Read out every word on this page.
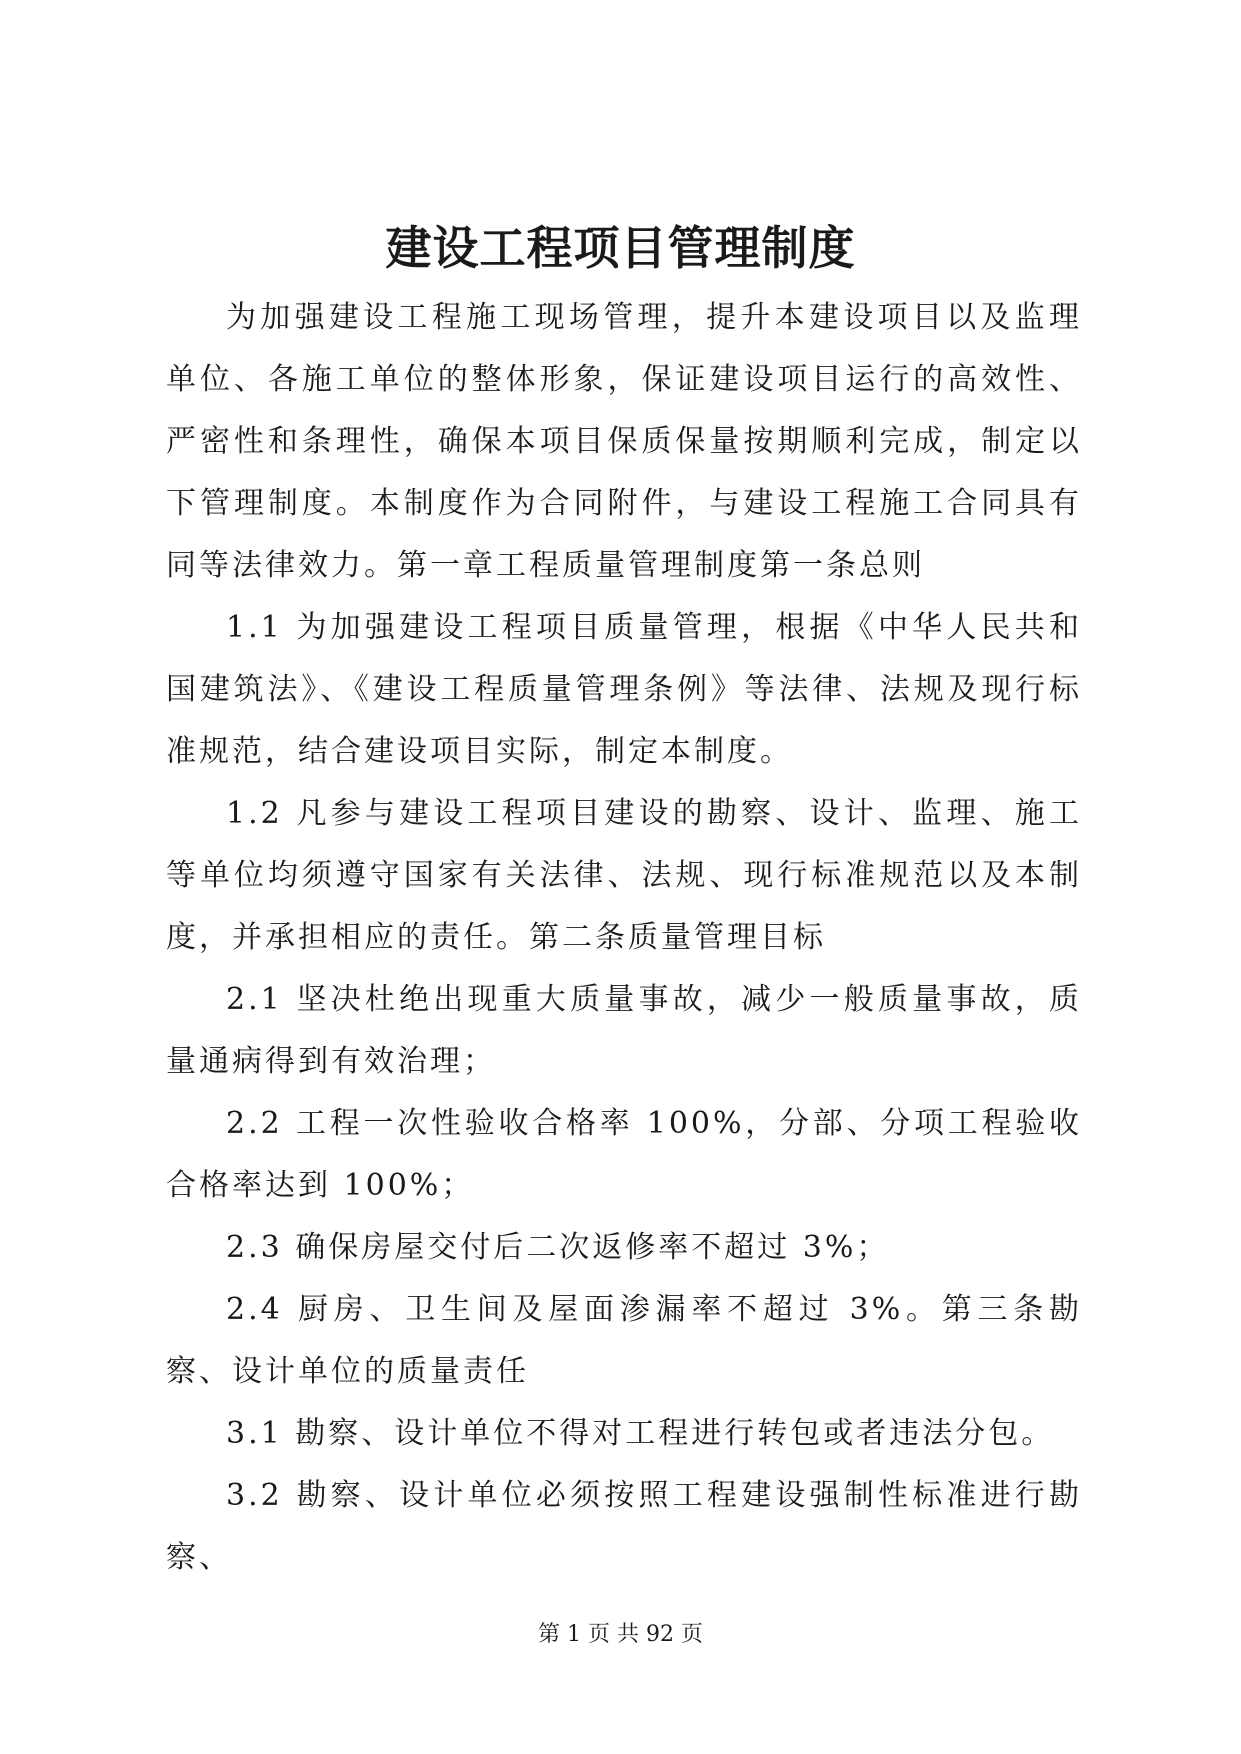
建设工程项目管理制度

为加强建设工程施工现场管理，提升本建设项目以及监理单位、各施工单位的整体形象，保证建设项目运行的高效性、严密性和条理性，确保本项目保质保量按期顺利完成，制定以下管理制度。本制度作为合同附件，与建设工程施工合同具有同等法律效力。第一章工程质量管理制度第一条总则

1.1 为加强建设工程项目质量管理，根据《中华人民共和国建筑法》、《建设工程质量管理条例》等法律、法规及现行标准规范，结合建设项目实际，制定本制度。

1.2 凡参与建设工程项目建设的勘察、设计、监理、施工等单位均须遵守国家有关法律、法规、现行标准规范以及本制度，并承担相应的责任。第二条质量管理目标

2.1 坚决杜绝出现重大质量事故，减少一般质量事故，质量通病得到有效治理；

2.2 工程一次性验收合格率 100%，分部、分项工程验收合格率达到 100%；

2.3 确保房屋交付后二次返修率不超过 3%；

2.4 厨房、卫生间及屋面渗漏率不超过 3%。第三条勘察、设计单位的质量责任

3.1 勘察、设计单位不得对工程进行转包或者违法分包。

3.2 勘察、设计单位必须按照工程建设强制性标准进行勘察、

第 1 页 共 92 页
